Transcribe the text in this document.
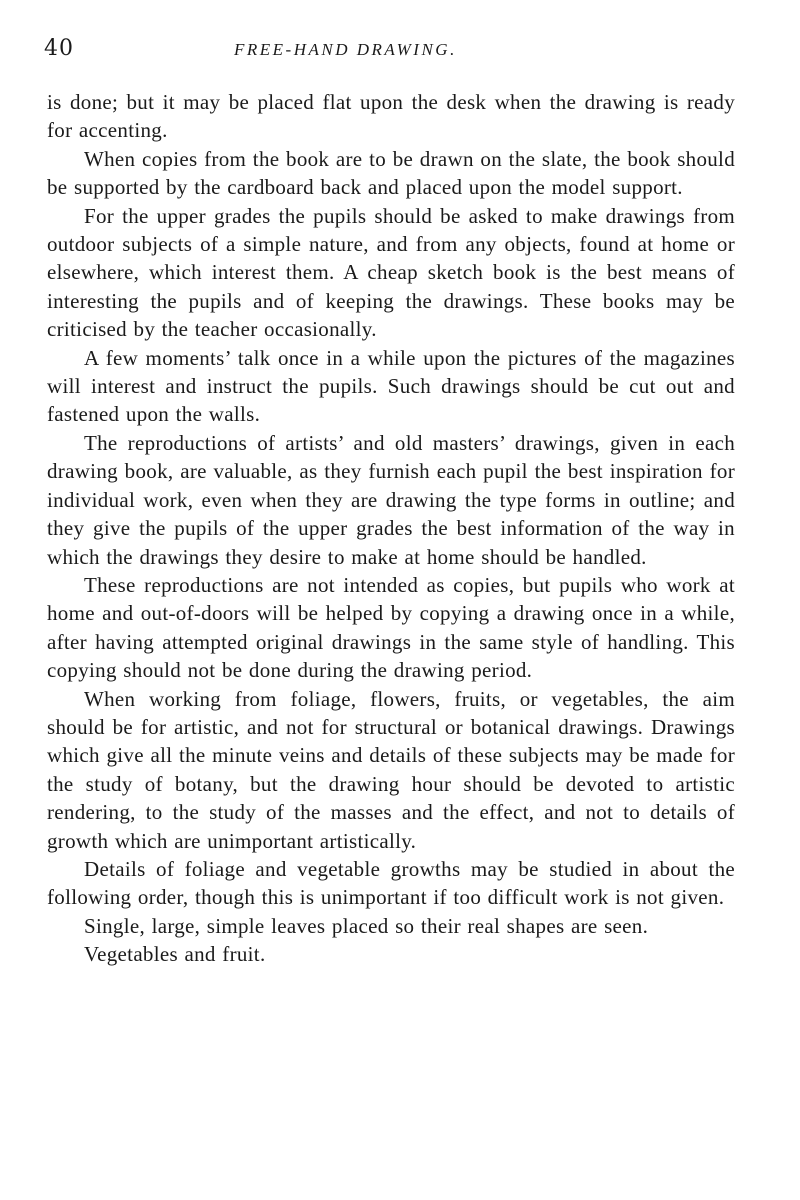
40	FREE-HAND DRAWING.

is done; but it may be placed flat upon the desk when the drawing is ready for accenting.

When copies from the book are to be drawn on the slate, the book should be supported by the cardboard back and placed upon the model support.

For the upper grades the pupils should be asked to make drawings from outdoor subjects of a simple nature, and from any objects, found at home or elsewhere, which interest them. A cheap sketch book is the best means of interesting the pupils and of keeping the drawings. These books may be criticised by the teacher occasionally.

A few moments’ talk once in a while upon the pictures of the magazines will interest and instruct the pupils. Such drawings should be cut out and fastened upon the walls.

The reproductions of artists’ and old masters’ drawings, given in each drawing book, are valuable, as they furnish each pupil the best inspiration for individual work, even when they are drawing the type forms in outline; and they give the pupils of the upper grades the best information of the way in which the drawings they desire to make at home should be handled.

These reproductions are not intended as copies, but pupils who work at home and out-of-doors will be helped by copying a drawing once in a while, after having attempted original drawings in the same style of handling. This copying should not be done during the drawing period.

When working from foliage, flowers, fruits, or vegetables, the aim should be for artistic, and not for structural or botanical drawings. Drawings which give all the minute veins and details of these subjects may be made for the study of botany, but the drawing hour should be devoted to artistic rendering, to the study of the masses and the effect, and not to details of growth which are unimportant artistically.

Details of foliage and vegetable growths may be studied in about the following order, though this is unimportant if too difficult work is not given.

Single, large, simple leaves placed so their real shapes are seen.

Vegetables and fruit.
